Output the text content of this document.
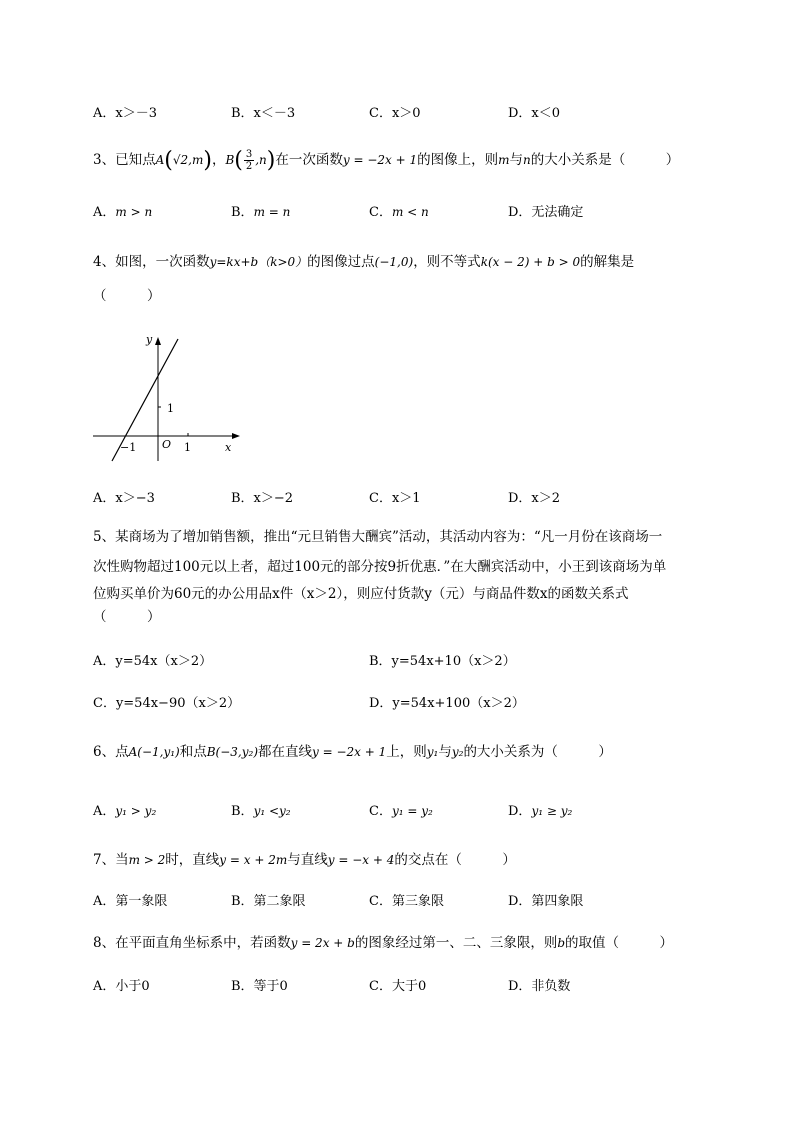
A．x＞－3	B．x＜－3	C．x＞0	D．x＜0
3、已知点A(√2,m)，$B( \frac{3}{2} ,n)$在一次函数y = −2x + 1的图像上，则m与n的大小关系是（　　　）
A．m > n	B．m = n	C．m < n	D．无法确定
4、如图，一次函数y=kx+b（k>0）的图像过点(−1,0)，则不等式k(x − 2) + b > 0的解集是
（　　　）
y
x
O
1
1
−1
A．x＞−3	B．x＞−2	C．x＞1	D．x＞2
5、某商场为了增加销售额，推出“元旦销售大酬宾”活动，其活动内容为：“凡一月份在该商场一
次性购物超过100元以上者，超过100元的部分按9折优惠．”在大酬宾活动中，小王到该商场为单
位购买单价为60元的办公用品x件（x＞2），则应付货款y（元）与商品件数x的函数关系式
（　　　）
A．y=54x（x＞2）	B．y=54x+10（x＞2）
C．y=54x−90（x＞2）	D．y=54x+100（x＞2）
6、点A(−1,y₁)和点B(−3,y₂)都在直线y = −2x + 1上，则y₁与y₂的大小关系为（　　　）
A．y₁ > y₂	B．y₁ <y₂	C．y₁ = y₂	D．y₁ ≥ y₂
7、当m > 2时，直线y = x + 2m与直线y = −x + 4的交点在（　　　）
A．第一象限	B．第二象限	C．第三象限	D．第四象限
8、在平面直角坐标系中，若函数y = 2x + b的图象经过第一、二、三象限，则b的取值（　　　）
A．小于0	B．等于0	C．大于0	D．非负数
